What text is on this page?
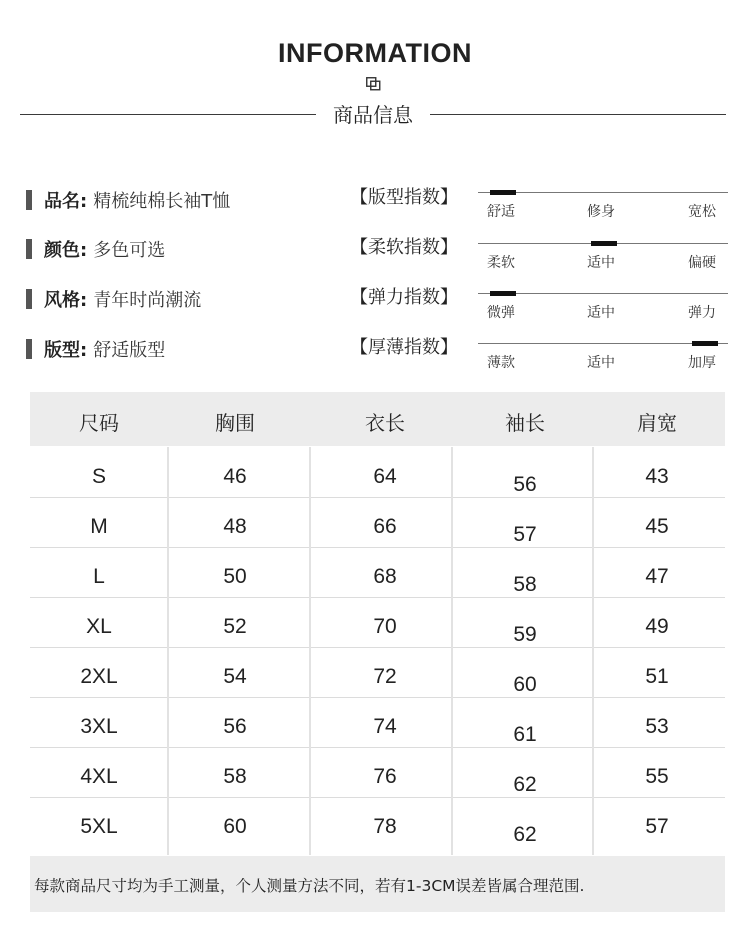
INFORMATION
商品信息
品名: 精梳纯棉长袖T恤
颜色: 多色可选
风格: 青年时尚潮流
版型: 舒适版型
【版型指数】
【柔软指数】
【弹力指数】
【厚薄指数】
舒适	修身	宽松
柔软	适中	偏硬
微弹	适中	弹力
薄款	适中	加厚
尺码	胸围	衣长	袖长	肩宽
S	46	64	56	43
M	48	66	57	45
L	50	68	58	47
XL	52	70	59	49
2XL	54	72	60	51
3XL	56	74	61	53
4XL	58	76	62	55
5XL	60	78	62	57
每款商品尺寸均为手工测量，个人测量方法不同，若有1-3CM误差皆属合理范围.
